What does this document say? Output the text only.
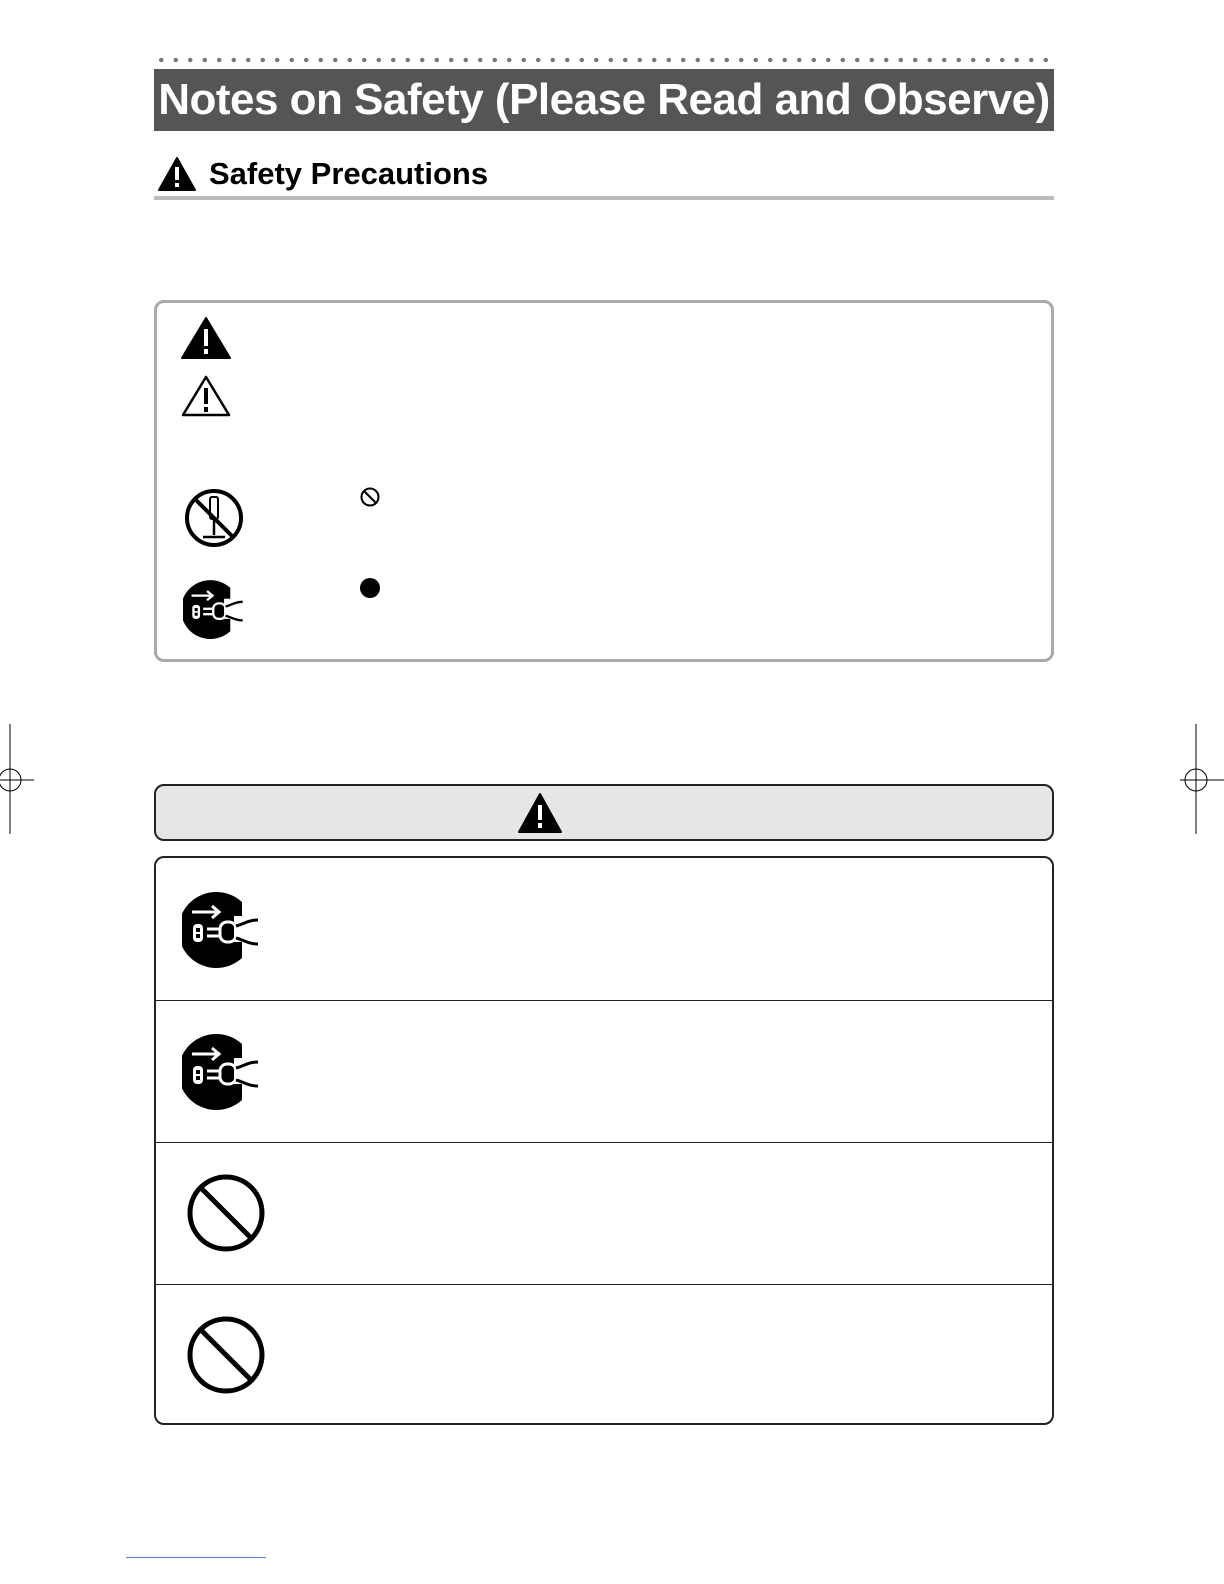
Notes on Safety (Please Read and Observe)
Safety Precautions
